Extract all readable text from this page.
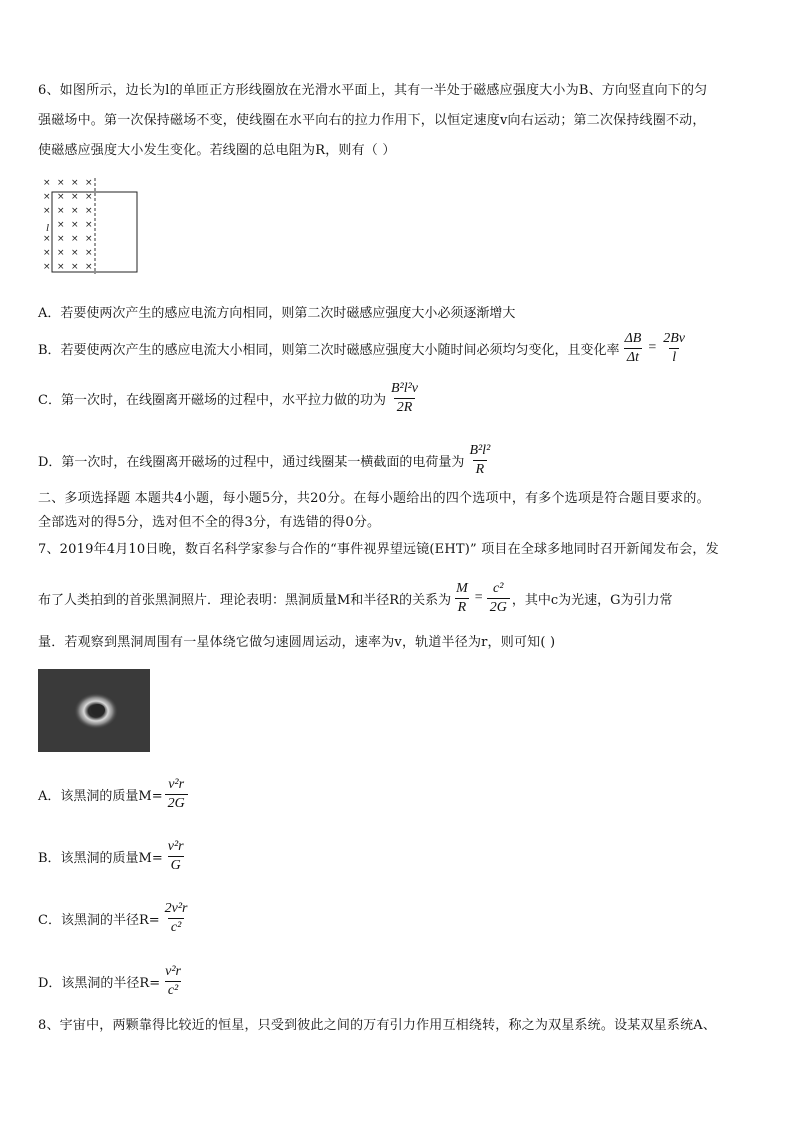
6、如图所示，边长为l的单匝正方形线圈放在光滑水平面上，其有一半处于磁感应强度大小为B、方向竖直向下的匀
强磁场中。第一次保持磁场不变，使线圈在水平向右的拉力作用下，以恒定速度v向右运动；第二次保持线圈不动，
使磁感应强度大小发生变化。若线圈的总电阻为R，则有（ ）
× × × ×
× × × ×
× × × ×
× × ×
× × × ×
× × × ×
× × × ×
l
A．若要使两次产生的感应电流方向相同，则第二次时磁感应强度大小必须逐渐增大
B．若要使两次产生的感应电流大小相同，则第二次时磁感应强度大小随时间必须均匀变化，且变化率 $\frac{\Delta B}{\Delta t} = \frac{2Bv}{l}$
C．第一次时，在线圈离开磁场的过程中，水平拉力做的功为 $\frac{\text{B²l²v}}{2R}$
D．第一次时，在线圈离开磁场的过程中，通过线圈某一横截面的电荷量为 $\frac{\text{B²l²}}{R}$
二、多项选择题 本题共4小题，每小题5分，共20分。在每小题给出的四个选项中，有多个选项是符合题目要求的。
全部选对的得5分，选对但不全的得3分，有选错的得0分。
7、2019年4月10日晚，数百名科学家参与合作的“事件视界望远镜(EHT)” 项目在全球多地同时召开新闻发布会，发
布了人类拍到的首张黑洞照片．理论表明：黑洞质量M和半径R的关系为 $\frac{M}{R} = \frac{\text{c²}}{2G}$ ，其中c为光速，G为引力常
量．若观察到黑洞周围有一星体绕它做匀速圆周运动，速率为v，轨道半径为r，则可知( )
A．该黑洞的质量$M= \frac{\text{v²r}}{2G}$
B．该黑洞的质量$M= \frac{\text{v²r}}{G}$
C．该黑洞的半径$R= \frac{\text{2v²r}}{\text{c²}}$
D．该黑洞的半径$R= \frac{\text{v²r}}{\text{c²}}$
8、宇宙中，两颗靠得比较近的恒星，只受到彼此之间的万有引力作用互相绕转，称之为双星系统。设某双星系统A、
